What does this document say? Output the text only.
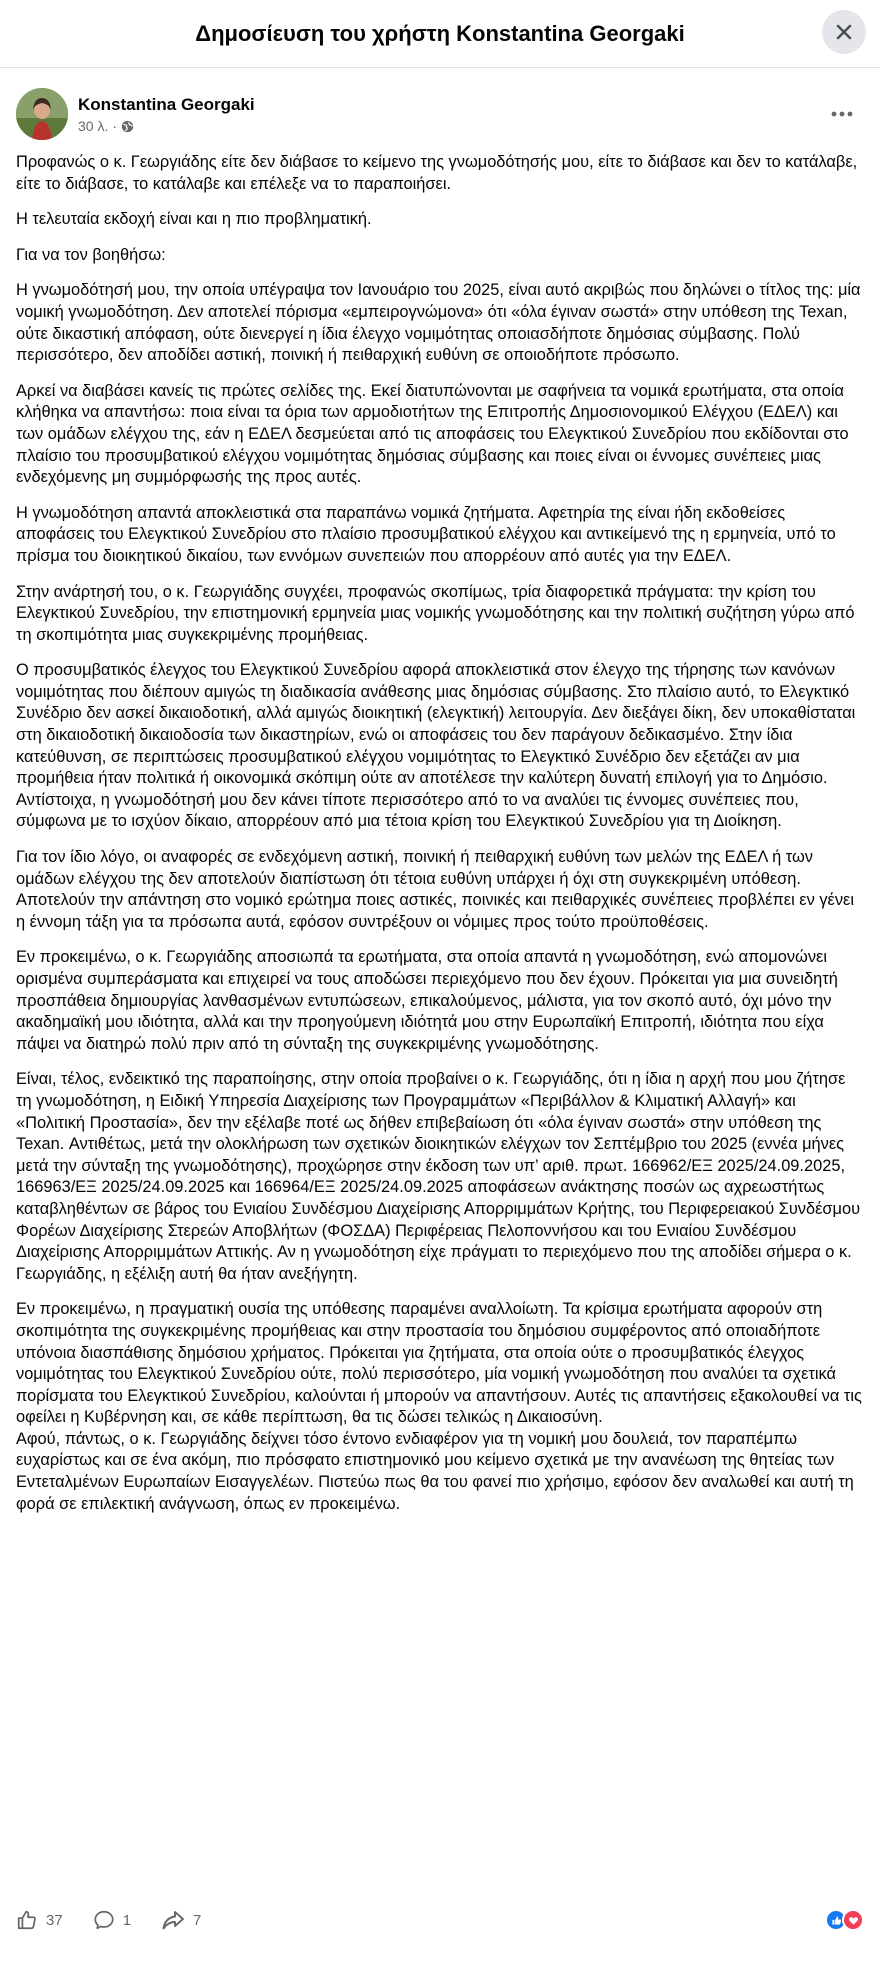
Δημοσίευση του χρήστη Konstantina Georgaki
Konstantina Georgaki
30 λ. ·

Προφανώς ο κ. Γεωργιάδης είτε δεν διάβασε το κείμενο της γνωμοδότησής μου, είτε το διάβασε και δεν το κατάλαβε, είτε το διάβασε, το κατάλαβε και επέλεξε να το παραποιήσει.

Η τελευταία εκδοχή είναι και η πιο προβληματική.

Για να τον βοηθήσω:

Η γνωμοδότησή μου, την οποία υπέγραψα τον Ιανουάριο του 2025, είναι αυτό ακριβώς που δηλώνει ο τίτλος της: μία νομική γνωμοδότηση. Δεν αποτελεί πόρισμα «εμπειρογνώμονα» ότι «όλα έγιναν σωστά» στην υπόθεση της Texan, ούτε δικαστική απόφαση, ούτε διενεργεί η ίδια έλεγχο νομιμότητας οποιασδήποτε δημόσιας σύμβασης. Πολύ περισσότερο, δεν αποδίδει αστική, ποινική ή πειθαρχική ευθύνη σε οποιοδήποτε πρόσωπο.

Αρκεί να διαβάσει κανείς τις πρώτες σελίδες της. Εκεί διατυπώνονται με σαφήνεια τα νομικά ερωτήματα, στα οποία κλήθηκα να απαντήσω: ποια είναι τα όρια των αρμοδιοτήτων της Επιτροπής Δημοσιονομικού Ελέγχου (ΕΔΕΛ) και των ομάδων ελέγχου της, εάν η ΕΔΕΛ δεσμεύεται από τις αποφάσεις του Ελεγκτικού Συνεδρίου που εκδίδονται στο πλαίσιο του προσυμβατικού ελέγχου νομιμότητας δημόσιας σύμβασης και ποιες είναι οι έννομες συνέπειες μιας ενδεχόμενης μη συμμόρφωσής της προς αυτές.

Η γνωμοδότηση απαντά αποκλειστικά στα παραπάνω νομικά ζητήματα. Αφετηρία της είναι ήδη εκδοθείσες αποφάσεις του Ελεγκτικού Συνεδρίου στο πλαίσιο προσυμβατικού ελέγχου και αντικείμενό της η ερμηνεία, υπό το πρίσμα του διοικητικού δικαίου, των εννόμων συνεπειών που απορρέουν από αυτές για την ΕΔΕΛ.

Στην ανάρτησή του, ο κ. Γεωργιάδης συγχέει, προφανώς σκοπίμως, τρία διαφορετικά πράγματα: την κρίση του Ελεγκτικού Συνεδρίου, την επιστημονική ερμηνεία μιας νομικής γνωμοδότησης και την πολιτική συζήτηση γύρω από τη σκοπιμότητα μιας συγκεκριμένης προμήθειας.

Ο προσυμβατικός έλεγχος του Ελεγκτικού Συνεδρίου αφορά αποκλειστικά στον έλεγχο της τήρησης των κανόνων νομιμότητας που διέπουν αμιγώς τη διαδικασία ανάθεσης μιας δημόσιας σύμβασης. Στο πλαίσιο αυτό, το Ελεγκτικό Συνέδριο δεν ασκεί δικαιοδοτική, αλλά αμιγώς διοικητική (ελεγκτική) λειτουργία. Δεν διεξάγει δίκη, δεν υποκαθίσταται στη δικαιοδοτική δικαιοδοσία των δικαστηρίων, ενώ οι αποφάσεις του δεν παράγουν δεδικασμένο. Στην ίδια κατεύθυνση, σε περιπτώσεις προσυμβατικού ελέγχου νομιμότητας το Ελεγκτικό Συνέδριο δεν εξετάζει αν μια προμήθεια ήταν πολιτικά ή οικονομικά σκόπιμη ούτε αν αποτέλεσε την καλύτερη δυνατή επιλογή για το Δημόσιο. Αντίστοιχα, η γνωμοδότησή μου δεν κάνει τίποτε περισσότερο από το να αναλύει τις έννομες συνέπειες που, σύμφωνα με το ισχύον δίκαιο, απορρέουν από μια τέτοια κρίση του Ελεγκτικού Συνεδρίου για τη Διοίκηση.

Για τον ίδιο λόγο, οι αναφορές σε ενδεχόμενη αστική, ποινική ή πειθαρχική ευθύνη των μελών της ΕΔΕΛ ή των ομάδων ελέγχου της δεν αποτελούν διαπίστωση ότι τέτοια ευθύνη υπάρχει ή όχι στη συγκεκριμένη υπόθεση. Αποτελούν την απάντηση στο νομικό ερώτημα ποιες αστικές, ποινικές και πειθαρχικές συνέπειες προβλέπει εν γένει η έννομη τάξη για τα πρόσωπα αυτά, εφόσον συντρέξουν οι νόμιμες προς τούτο προϋποθέσεις.

Εν προκειμένω, ο κ. Γεωργιάδης αποσιωπά τα ερωτήματα, στα οποία απαντά η γνωμοδότηση, ενώ απομονώνει ορισμένα συμπεράσματα και επιχειρεί να τους αποδώσει περιεχόμενο που δεν έχουν. Πρόκειται για μια συνειδητή προσπάθεια δημιουργίας λανθασμένων εντυπώσεων, επικαλούμενος, μάλιστα, για τον σκοπό αυτό, όχι μόνο την ακαδημαϊκή μου ιδιότητα, αλλά και την προηγούμενη ιδιότητά μου στην Ευρωπαϊκή Επιτροπή, ιδιότητα που είχα πάψει να διατηρώ πολύ πριν από τη σύνταξη της συγκεκριμένης γνωμοδότησης.

Είναι, τέλος, ενδεικτικό της παραποίησης, στην οποία προβαίνει ο κ. Γεωργιάδης, ότι η ίδια η αρχή που μου ζήτησε τη γνωμοδότηση, η Ειδική Υπηρεσία Διαχείρισης των Προγραμμάτων «Περιβάλλον & Κλιματική Αλλαγή» και «Πολιτική Προστασία», δεν την εξέλαβε ποτέ ως δήθεν επιβεβαίωση ότι «όλα έγιναν σωστά» στην υπόθεση της Texan. Αντιθέτως, μετά την ολοκλήρωση των σχετικών διοικητικών ελέγχων τον Σεπτέμβριο του 2025 (εννέα μήνες μετά την σύνταξη της γνωμοδότησης), προχώρησε στην έκδοση των υπ’ αριθ. πρωτ. 166962/ΕΞ 2025/24.09.2025, 166963/ΕΞ 2025/24.09.2025 και 166964/ΕΞ 2025/24.09.2025 αποφάσεων ανάκτησης ποσών ως αχρεωστήτως καταβληθέντων σε βάρος του Ενιαίου Συνδέσμου Διαχείρισης Απορριμμάτων Κρήτης, του Περιφερειακού Συνδέσμου Φορέων Διαχείρισης Στερεών Αποβλήτων (ΦΟΣΔΑ) Περιφέρειας Πελοποννήσου και του Ενιαίου Συνδέσμου Διαχείρισης Απορριμμάτων Αττικής. Αν η γνωμοδότηση είχε πράγματι το περιεχόμενο που της αποδίδει σήμερα ο κ. Γεωργιάδης, η εξέλιξη αυτή θα ήταν ανεξήγητη.

Εν προκειμένω, η πραγματική ουσία της υπόθεσης παραμένει αναλλοίωτη. Τα κρίσιμα ερωτήματα αφορούν στη σκοπιμότητα της συγκεκριμένης προμήθειας και στην προστασία του δημόσιου συμφέροντος από οποιαδήποτε υπόνοια διασπάθισης δημόσιου χρήματος. Πρόκειται για ζητήματα, στα οποία ούτε ο προσυμβατικός έλεγχος νομιμότητας του Ελεγκτικού Συνεδρίου ούτε, πολύ περισσότερο, μία νομική γνωμοδότηση που αναλύει τα σχετικά πορίσματα του Ελεγκτικού Συνεδρίου, καλούνται ή μπορούν να απαντήσουν. Αυτές τις απαντήσεις εξακολουθεί να τις οφείλει η Κυβέρνηση και, σε κάθε περίπτωση, θα τις δώσει τελικώς η Δικαιοσύνη.

Αφού, πάντως, ο κ. Γεωργιάδης δείχνει τόσο έντονο ενδιαφέρον για τη νομική μου δουλειά, τον παραπέμπω ευχαρίστως και σε ένα ακόμη, πιο πρόσφατο επιστημονικό μου κείμενο σχετικά με την ανανέωση της θητείας των Εντεταλμένων Ευρωπαίων Εισαγγελέων. Πιστεύω πως θα του φανεί πιο χρήσιμο, εφόσον δεν αναλωθεί και αυτή τη φορά σε επιλεκτική ανάγνωση, όπως εν προκειμένω.

37	1	7
